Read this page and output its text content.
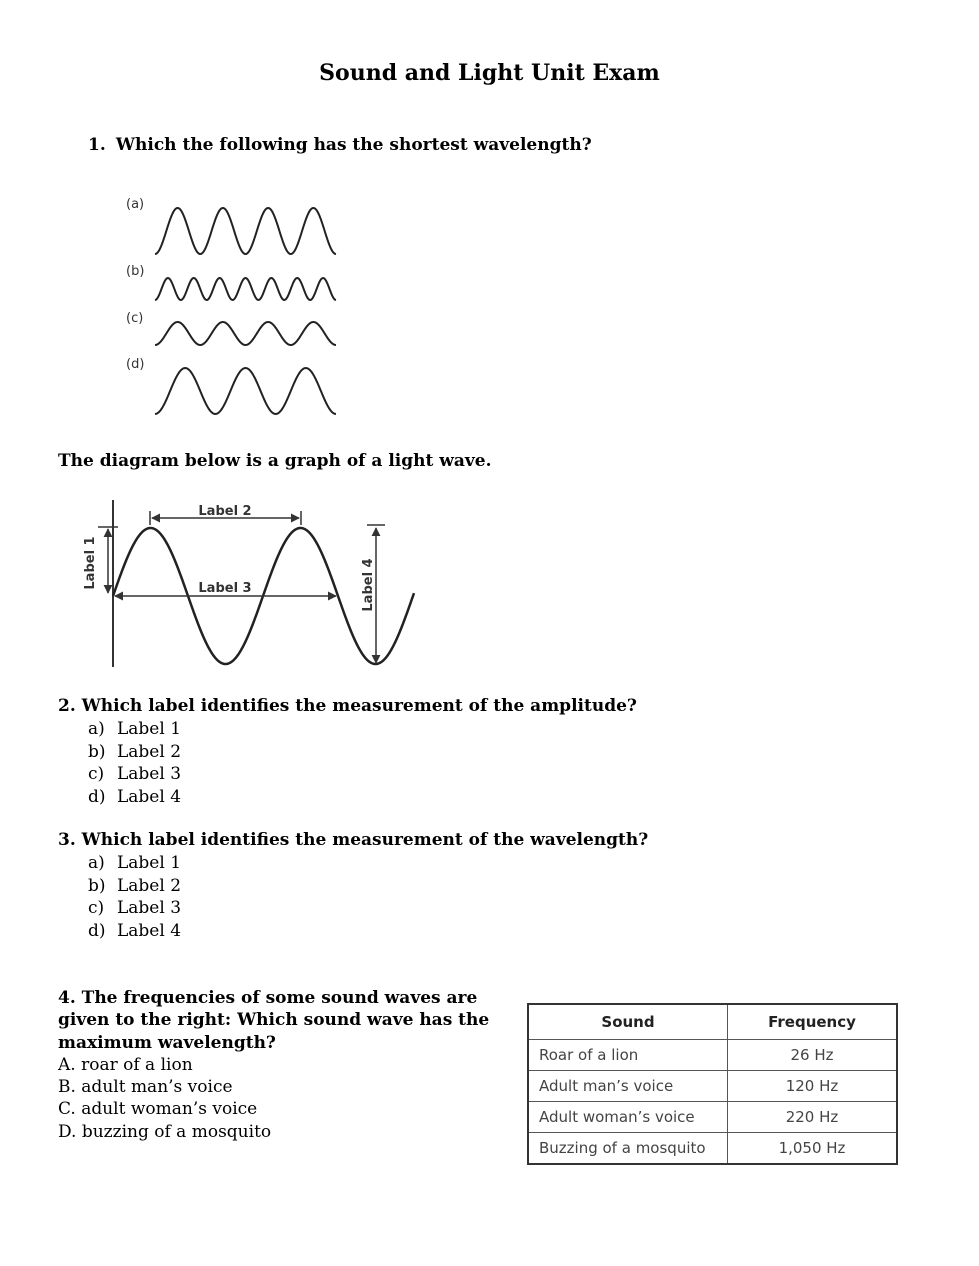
Sound and Light Unit Exam
1. Which the following has the shortest wavelength?
(a)
(b)
(c)
(d)
The diagram below is a graph of a light wave.
Label 1
Label 2
Label 3	Label 4
2. Which label identifies the measurement of the amplitude?
a) Label 1
b) Label 2
c) Label 3
d) Label 4
3. Which label identifies the measurement of the wavelength?
a) Label 1
b) Label 2
c) Label 3
d) Label 4
4. The frequencies of some sound waves are given to the right: Which sound wave has the maximum wavelength?
A. roar of a lion
B. adult man’s voice
C. adult woman’s voice
D. buzzing of a mosquito
Sound	Frequency
Roar of a lion	26 Hz
Adult man’s voice	120 Hz
Adult woman’s voice	220 Hz
Buzzing of a mosquito	1,050 Hz
